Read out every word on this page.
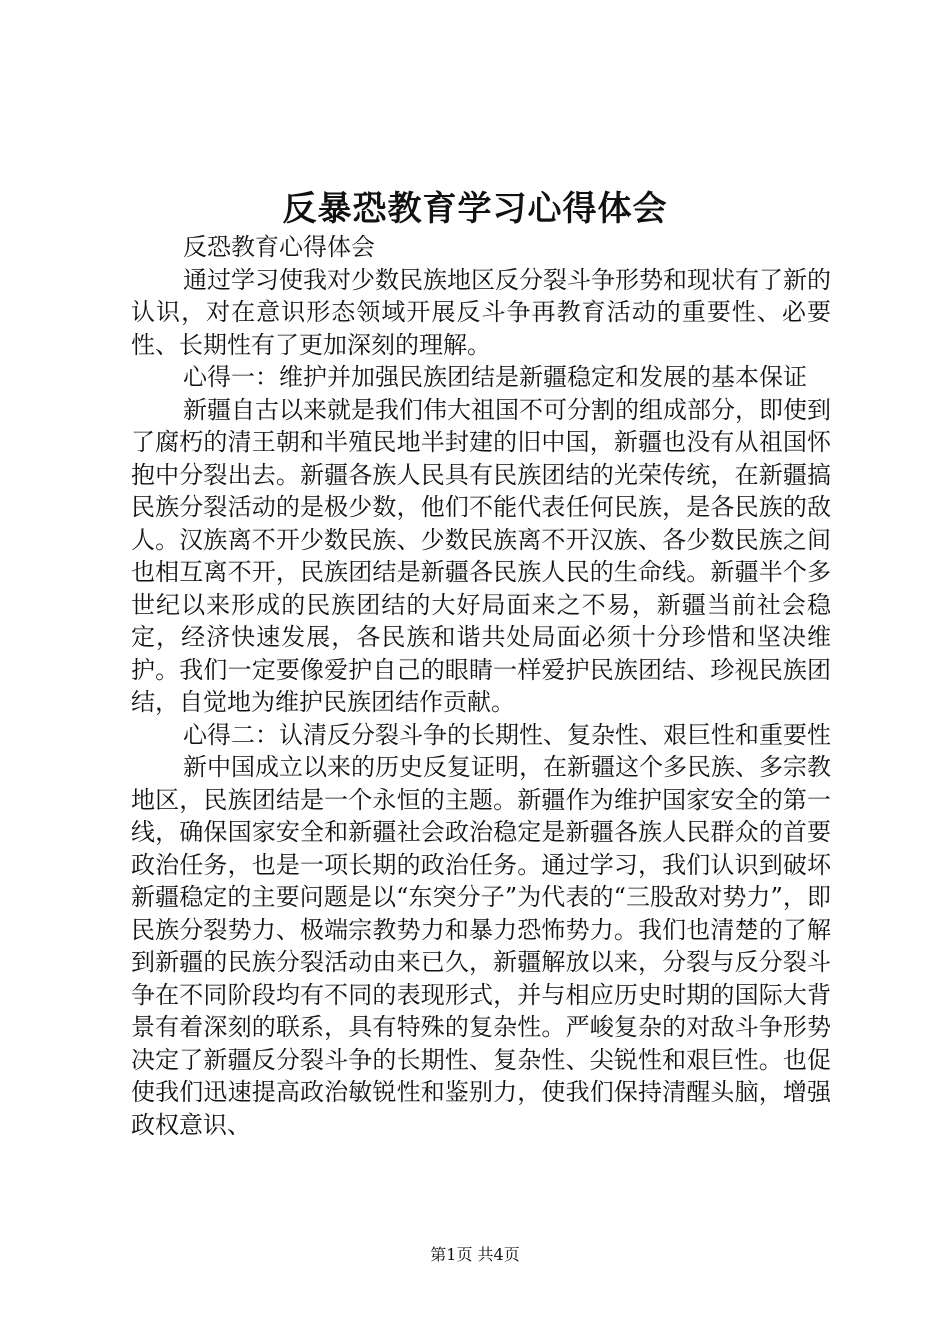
反暴恐教育学习心得体会

反恐教育心得体会

通过学习使我对少数民族地区反分裂斗争形势和现状有了新的认识，对在意识形态领域开展反斗争再教育活动的重要性、必要性、长期性有了更加深刻的理解。

心得一：维护并加强民族团结是新疆稳定和发展的基本保证

新疆自古以来就是我们伟大祖国不可分割的组成部分，即使到了腐朽的清王朝和半殖民地半封建的旧中国，新疆也没有从祖国怀抱中分裂出去。新疆各族人民具有民族团结的光荣传统，在新疆搞民族分裂活动的是极少数，他们不能代表任何民族，是各民族的敌人。汉族离不开少数民族、少数民族离不开汉族、各少数民族之间也相互离不开，民族团结是新疆各民族人民的生命线。新疆半个多世纪以来形成的民族团结的大好局面来之不易，新疆当前社会稳定，经济快速发展，各民族和谐共处局面必须十分珍惜和坚决维护。我们一定要像爱护自己的眼睛一样爱护民族团结、珍视民族团结，自觉地为维护民族团结作贡献。

心得二：认清反分裂斗争的长期性、复杂性、艰巨性和重要性

新中国成立以来的历史反复证明，在新疆这个多民族、多宗教地区，民族团结是一个永恒的主题。新疆作为维护国家安全的第一线，确保国家安全和新疆社会政治稳定是新疆各族人民群众的首要政治任务，也是一项长期的政治任务。通过学习，我们认识到破坏新疆稳定的主要问题是以“东突分子”为代表的“三股敌对势力”，即民族分裂势力、极端宗教势力和暴力恐怖势力。我们也清楚的了解到新疆的民族分裂活动由来已久，新疆解放以来，分裂与反分裂斗争在不同阶段均有不同的表现形式，并与相应历史时期的国际大背景有着深刻的联系，具有特殊的复杂性。严峻复杂的对敌斗争形势决定了新疆反分裂斗争的长期性、复杂性、尖锐性和艰巨性。也促使我们迅速提高政治敏锐性和鉴别力，使我们保持清醒头脑，增强政权意识、

第1页 共4页
